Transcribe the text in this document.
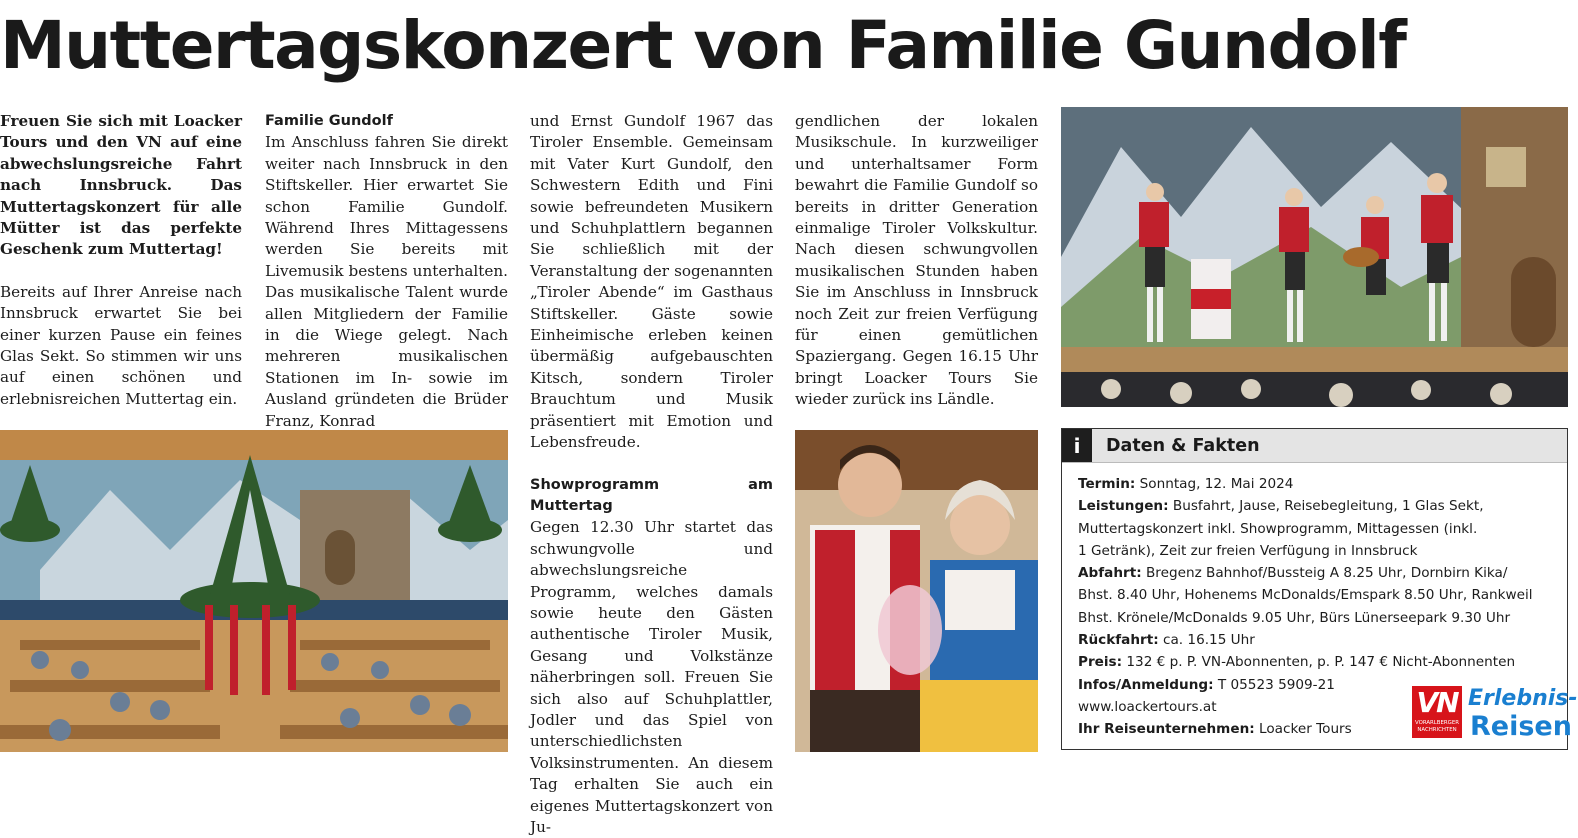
Muttertagskonzert von Familie Gundolf

Freuen Sie sich mit Loacker Tours und den VN auf eine abwechslungsreiche Fahrt nach Innsbruck. Das Muttertagskonzert für alle Mütter ist das perfekte Geschenk zum Muttertag!

Bereits auf Ihrer Anreise nach Innsbruck erwartet Sie bei einer kurzen Pause ein feines Glas Sekt. So stimmen wir uns auf einen schönen und erlebnisreichen Muttertag ein.

Familie Gundolf

Im Anschluss fahren Sie direkt weiter nach Innsbruck in den Stiftskeller. Hier erwartet Sie schon Familie Gundolf. Während Ihres Mittagessens werden Sie bereits mit Livemusik bestens unterhalten. Das musikalische Talent wurde allen Mitgliedern der Familie in die Wiege gelegt. Nach mehreren musikalischen Stationen im In- sowie im Ausland gründeten die Brüder Franz, Konrad

und Ernst Gundolf 1967 das Tiroler Ensemble. Gemeinsam mit Vater Kurt Gundolf, den Schwestern Edith und Fini sowie befreundeten Musikern und Schuhplattlern begannen Sie schließlich mit der Veranstaltung der sogenannten „Tiroler Abende“ im Gasthaus Stiftskeller. Gäste sowie Einheimische erleben keinen übermäßig aufgebauschten Kitsch, sondern Tiroler Brauchtum und Musik präsentiert mit Emotion und Lebensfreude.

Showprogramm am Muttertag

Gegen 12.30 Uhr startet das schwungvolle und abwechslungsreiche Programm, welches damals sowie heute den Gästen authentische Tiroler Musik, Gesang und Volkstänze näherbringen soll. Freuen Sie sich also auf Schuhplattler, Jodler und das Spiel von unterschiedlichsten Volksinstrumenten. An diesem Tag erhalten Sie auch ein eigenes Muttertagskonzert von Ju-

gendlichen der lokalen Musikschule. In kurzweiliger und unterhaltsamer Form bewahrt die Familie Gundolf so bereits in dritter Generation einmalige Tiroler Volkskultur. Nach diesen schwungvollen musikalischen Stunden haben Sie im Anschluss in Innsbruck noch Zeit zur freien Verfügung für einen gemütlichen Spaziergang. Gegen 16.15 Uhr bringt Loacker Tours Sie wieder zurück ins Ländle.

i	Daten & Fakten
Termin: Sonntag, 12. Mai 2024
Leistungen: Busfahrt, Jause, Reisebegleitung, 1 Glas Sekt,
Muttertagskonzert inkl. Showprogramm, Mittagessen (inkl.
1 Getränk), Zeit zur freien Verfügung in Innsbruck
Abfahrt: Bregenz Bahnhof/Bussteig A 8.25 Uhr, Dornbirn Kika/
Bhst. 8.40 Uhr, Hohenems McDonalds/Emspark 8.50 Uhr, Rankweil
Bhst. Krönele/McDonalds 9.05 Uhr, Bürs Lünerseepark 9.30 Uhr
Rückfahrt: ca. 16.15 Uhr
Preis: 132 € p. P. VN-Abonnenten, p. P. 147 € Nicht-Abonnenten
Infos/Anmeldung: T 05523 5909-21
www.loackertours.at
Ihr Reiseunternehmen: Loacker Tours
VN
VORARLBERGER
NACHRICHTEN
Erlebnis-
Reisen
